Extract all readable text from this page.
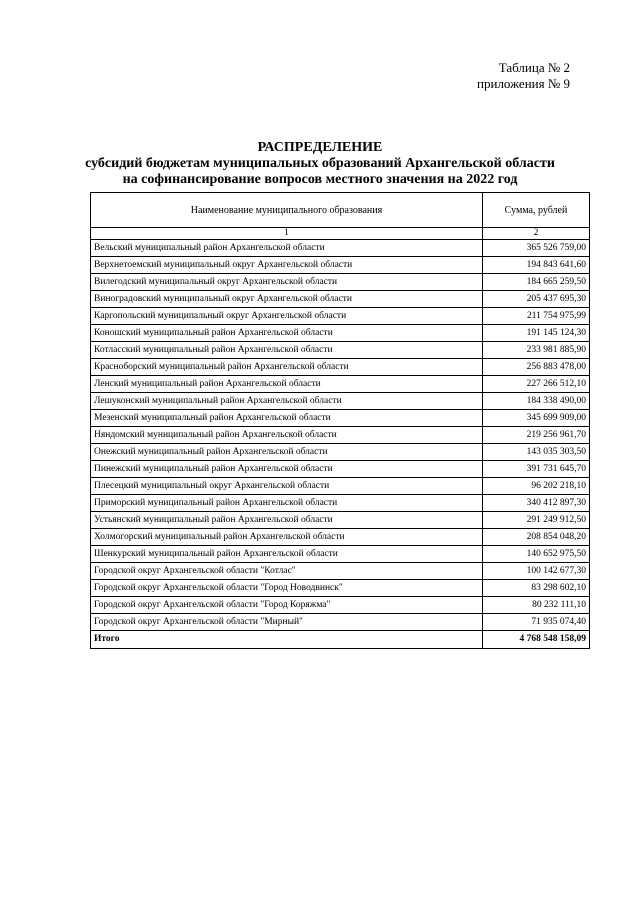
Таблица № 2
приложения № 9
РАСПРЕДЕЛЕНИЕ
субсидий бюджетам муниципальных образований Архангельской области
на софинансирование вопросов местного значения на 2022 год
Наименование муниципального образования	Сумма, рублей
1	2
Вельский муниципальный район Архангельской области	365 526 759,00
Верхнетоемский муниципальный округ Архангельской области	194 843 641,60
Вилегодский муниципальный округ Архангельской области	184 665 259,50
Виноградовский муниципальный округ Архангельской области	205 437 695,30
Каргопольский муниципальный округ Архангельской области	211 754 975,99
Коношский муниципальный район Архангельской области	191 145 124,30
Котласский муниципальный район Архангельской области	233 981 885,90
Красноборский муниципальный район Архангельской области	256 883 478,00
Ленский муниципальный район Архангельской области	227 266 512,10
Лешуконский муниципальный район Архангельской области	184 338 490,00
Мезенский муниципальный район Архангельской области	345 699 909,00
Няндомский муниципальный район Архангельской области	219 256 961,70
Онежский муниципальный район Архангельской области	143 035 303,50
Пинежский муниципальный район Архангельской области	391 731 645,70
Плесецкий муниципальный округ Архангельской области	96 202 218,10
Приморский муниципальный район Архангельской области	340 412 897,30
Устьянский муниципальный район Архангельской области	291 249 912,50
Холмогорский муниципальный район Архангельской области	208 854 048,20
Шенкурский муниципальный район Архангельской области	140 652 975,50
Городской округ Архангельской области "Котлас"	100 142 677,30
Городской округ Архангельской области "Город Новодвинск"	83 298 602,10
Городской округ Архангельской области "Город Коряжма"	80 232 111,10
Городской округ Архангельской области "Мирный"	71 935 074,40
Итого	4 768 548 158,09
